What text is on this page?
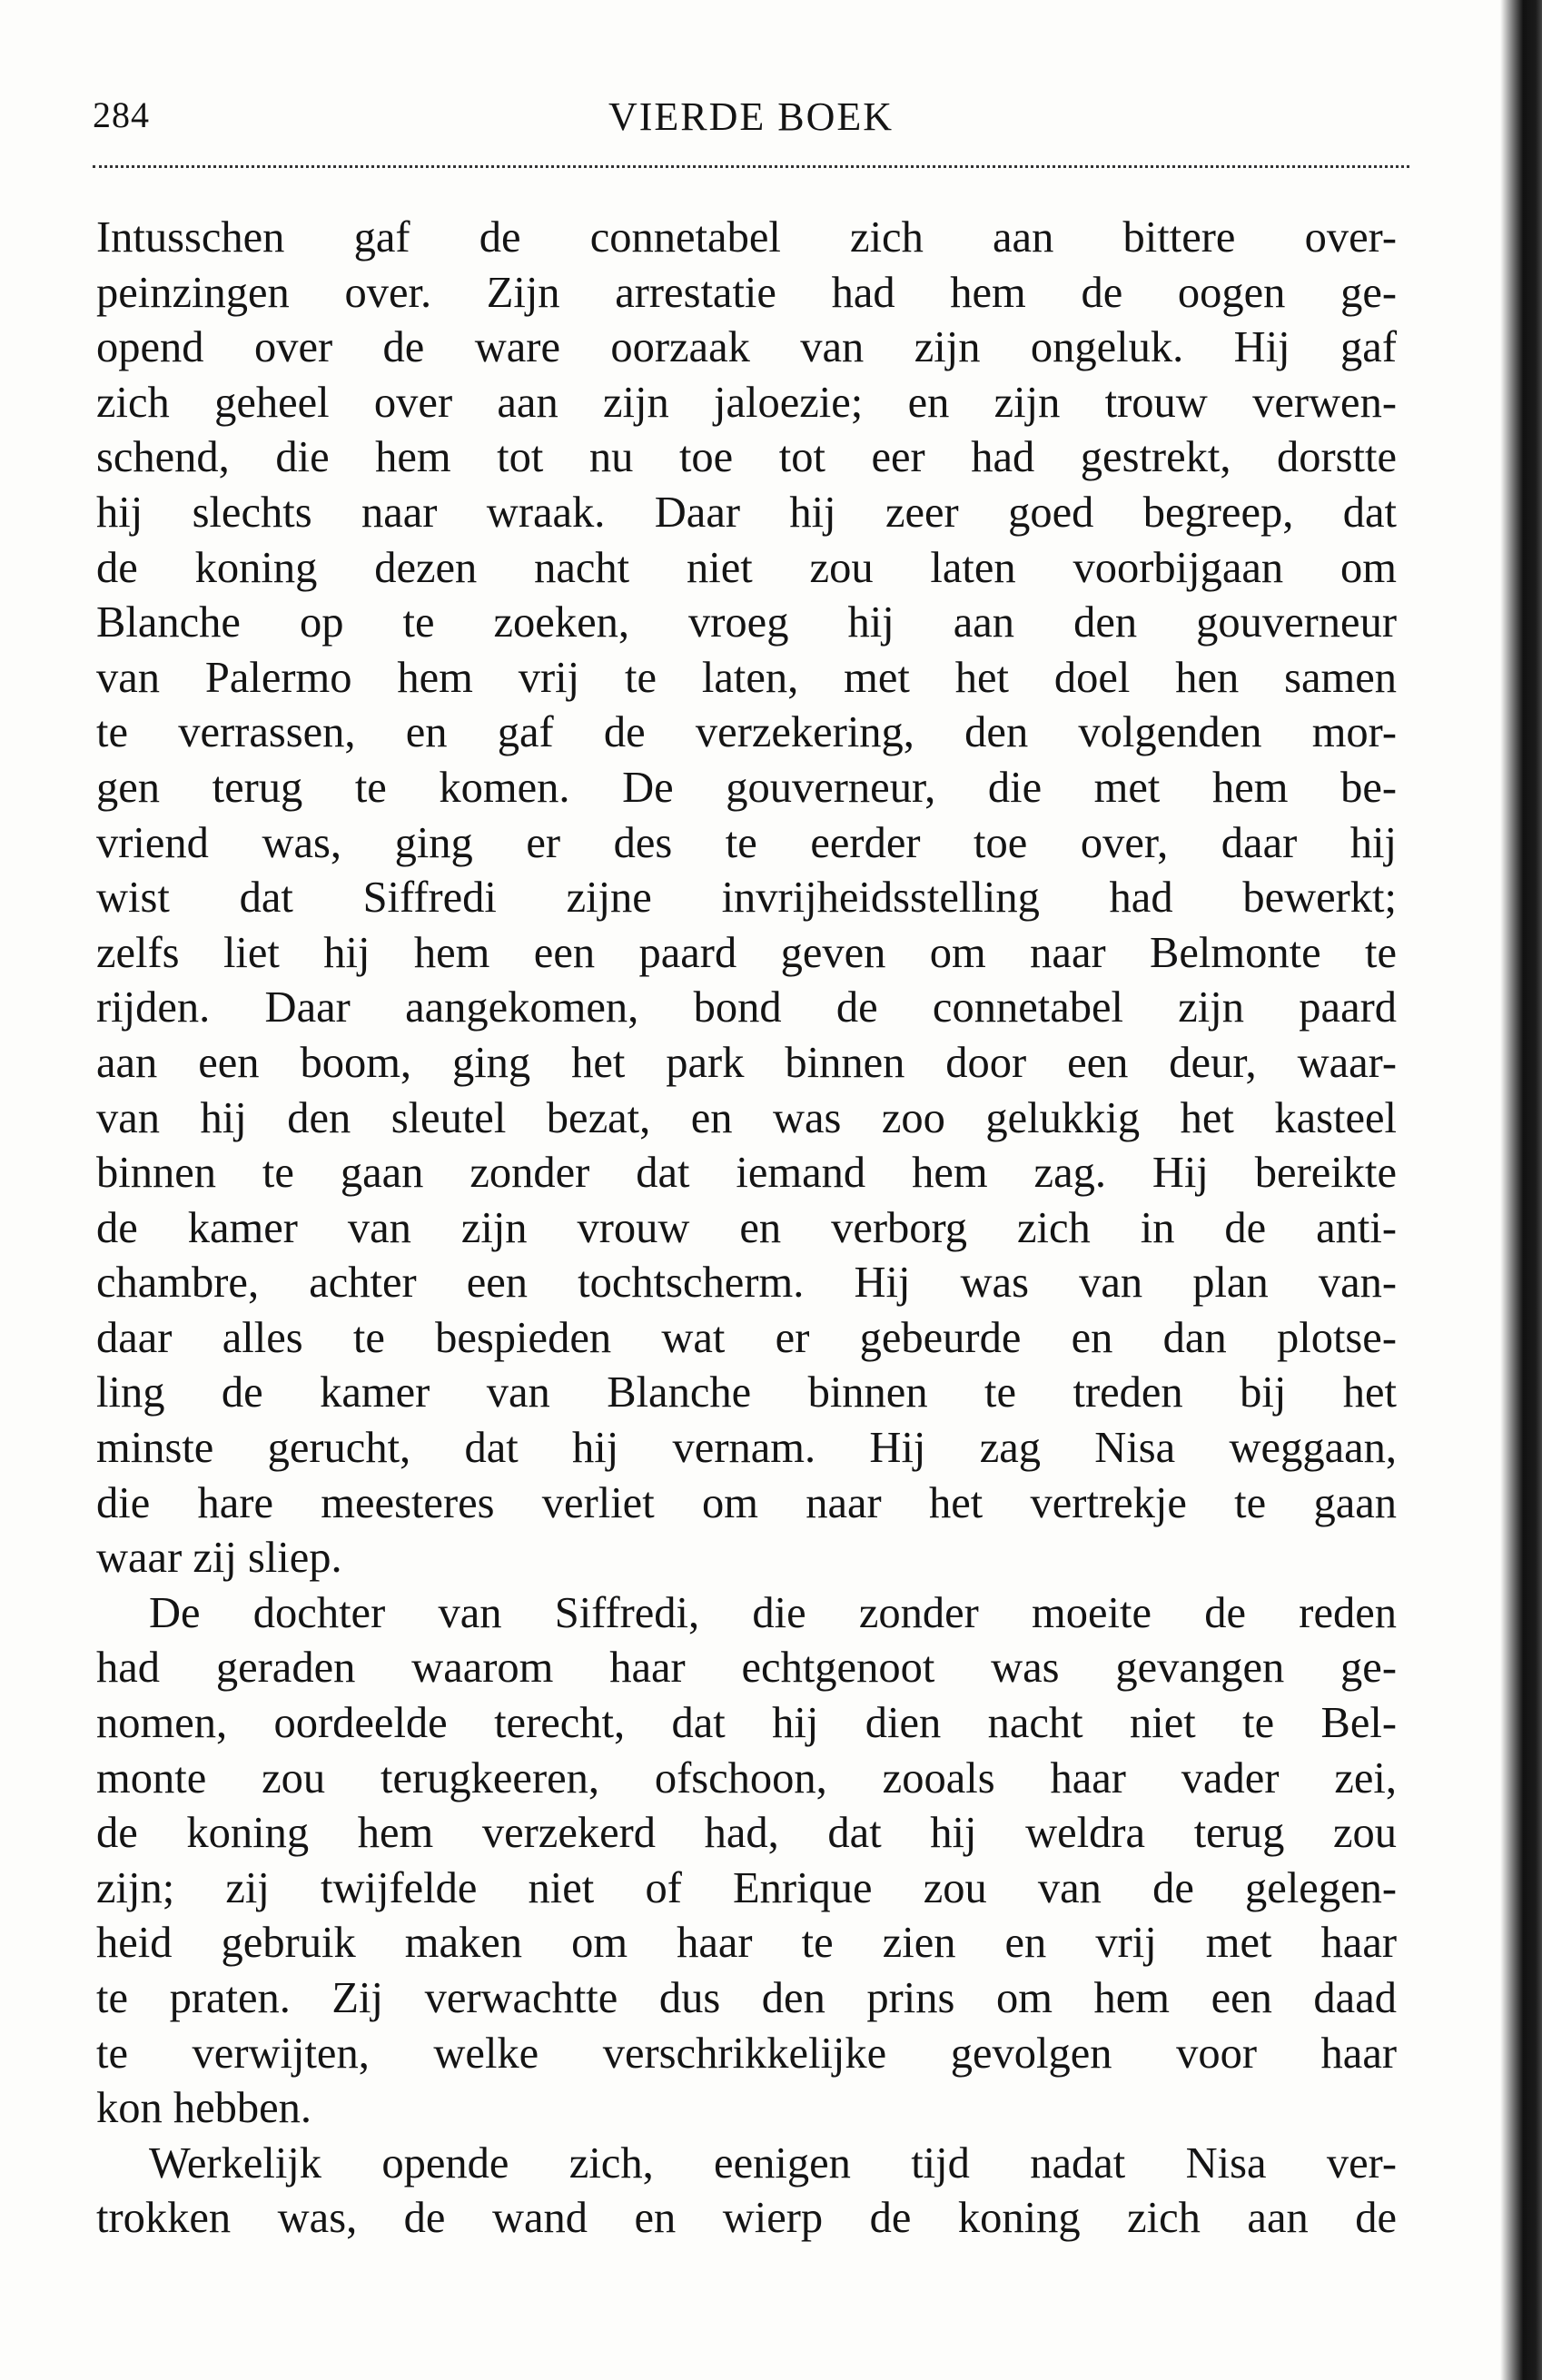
284	VIERDE BOEK
Intusschen gaf de connetabel zich aan bittere over-
peinzingen over. Zijn arrestatie had hem de oogen ge-
opend over de ware oorzaak van zijn ongeluk. Hij gaf
zich geheel over aan zijn jaloezie; en zijn trouw verwen-
schend, die hem tot nu toe tot eer had gestrekt, dorstte
hij slechts naar wraak. Daar hij zeer goed begreep, dat
de koning dezen nacht niet zou laten voorbijgaan om
Blanche op te zoeken, vroeg hij aan den gouverneur
van Palermo hem vrij te laten, met het doel hen samen
te verrassen, en gaf de verzekering, den volgenden mor-
gen terug te komen. De gouverneur, die met hem be-
vriend was, ging er des te eerder toe over, daar hij
wist dat Siffredi zijne invrijheidsstelling had bewerkt;
zelfs liet hij hem een paard geven om naar Belmonte te
rijden. Daar aangekomen, bond de connetabel zijn paard
aan een boom, ging het park binnen door een deur, waar-
van hij den sleutel bezat, en was zoo gelukkig het kasteel
binnen te gaan zonder dat iemand hem zag. Hij bereikte
de kamer van zijn vrouw en verborg zich in de anti-
chambre, achter een tochtscherm. Hij was van plan van-
daar alles te bespieden wat er gebeurde en dan plotse-
ling de kamer van Blanche binnen te treden bij het
minste gerucht, dat hij vernam. Hij zag Nisa weggaan,
die hare meesteres verliet om naar het vertrekje te gaan
waar zij sliep.
De dochter van Siffredi, die zonder moeite de reden
had geraden waarom haar echtgenoot was gevangen ge-
nomen, oordeelde terecht, dat hij dien nacht niet te Bel-
monte zou terugkeeren, ofschoon, zooals haar vader zei,
de koning hem verzekerd had, dat hij weldra terug zou
zijn; zij twijfelde niet of Enrique zou van de gelegen-
heid gebruik maken om haar te zien en vrij met haar
te praten. Zij verwachtte dus den prins om hem een daad
te verwijten, welke verschrikkelijke gevolgen voor haar
kon hebben.
Werkelijk opende zich, eenigen tijd nadat Nisa ver-
trokken was, de wand en wierp de koning zich aan de
